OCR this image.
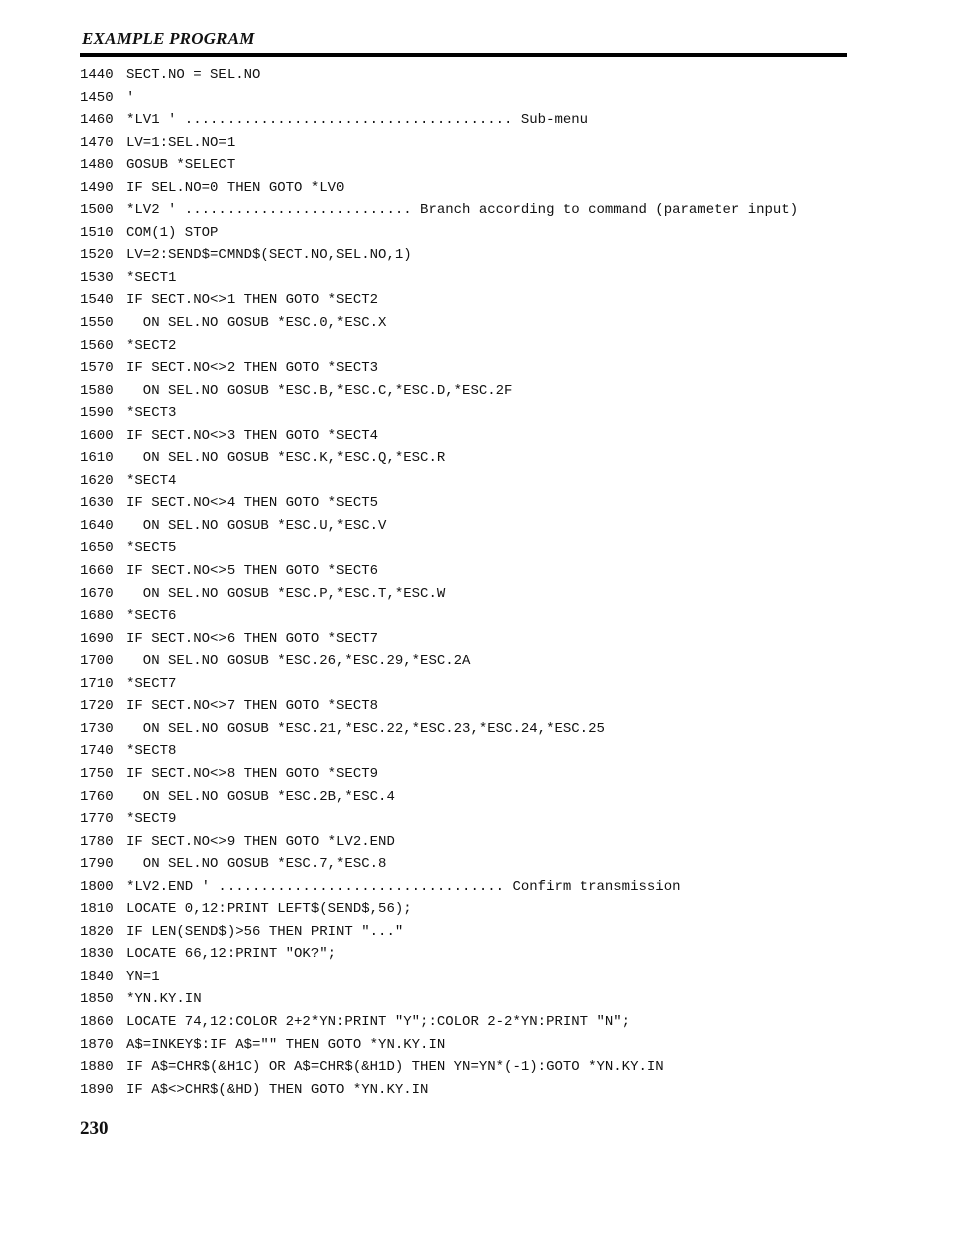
EXAMPLE PROGRAM
1440 SECT.NO = SEL.NO
1450 '
1460 *LV1 ' ....................................... Sub-menu
1470 LV=1:SEL.NO=1
1480 GOSUB *SELECT
1490 IF SEL.NO=0 THEN GOTO *LV0
1500 *LV2 ' ........................... Branch according to command (parameter input)
1510 COM(1) STOP
1520 LV=2:SEND$=CMND$(SECT.NO,SEL.NO,1)
1530 *SECT1
1540 IF SECT.NO<>1 THEN GOTO *SECT2
1550  ON SEL.NO GOSUB *ESC.0,*ESC.X
1560 *SECT2
1570 IF SECT.NO<>2 THEN GOTO *SECT3
1580  ON SEL.NO GOSUB *ESC.B,*ESC.C,*ESC.D,*ESC.2F
1590 *SECT3
1600 IF SECT.NO<>3 THEN GOTO *SECT4
1610  ON SEL.NO GOSUB *ESC.K,*ESC.Q,*ESC.R
1620 *SECT4
1630 IF SECT.NO<>4 THEN GOTO *SECT5
1640  ON SEL.NO GOSUB *ESC.U,*ESC.V
1650 *SECT5
1660 IF SECT.NO<>5 THEN GOTO *SECT6
1670  ON SEL.NO GOSUB *ESC.P,*ESC.T,*ESC.W
1680 *SECT6
1690 IF SECT.NO<>6 THEN GOTO *SECT7
1700  ON SEL.NO GOSUB *ESC.26,*ESC.29,*ESC.2A
1710 *SECT7
1720 IF SECT.NO<>7 THEN GOTO *SECT8
1730  ON SEL.NO GOSUB *ESC.21,*ESC.22,*ESC.23,*ESC.24,*ESC.25
1740 *SECT8
1750 IF SECT.NO<>8 THEN GOTO *SECT9
1760  ON SEL.NO GOSUB *ESC.2B,*ESC.4
1770 *SECT9
1780 IF SECT.NO<>9 THEN GOTO *LV2.END
1790  ON SEL.NO GOSUB *ESC.7,*ESC.8
1800 *LV2.END ' .................................. Confirm transmission
1810 LOCATE 0,12:PRINT LEFT$(SEND$,56);
1820 IF LEN(SEND$)>56 THEN PRINT "..."
1830 LOCATE 66,12:PRINT "OK?";
1840 YN=1
1850 *YN.KY.IN
1860 LOCATE 74,12:COLOR 2+2*YN:PRINT "Y";:COLOR 2-2*YN:PRINT "N";
1870 A$=INKEY$:IF A$="" THEN GOTO *YN.KY.IN
1880 IF A$=CHR$(&H1C) OR A$=CHR$(&H1D) THEN YN=YN*(-1):GOTO *YN.KY.IN
1890 IF A$<>CHR$(&HD) THEN GOTO *YN.KY.IN
230
